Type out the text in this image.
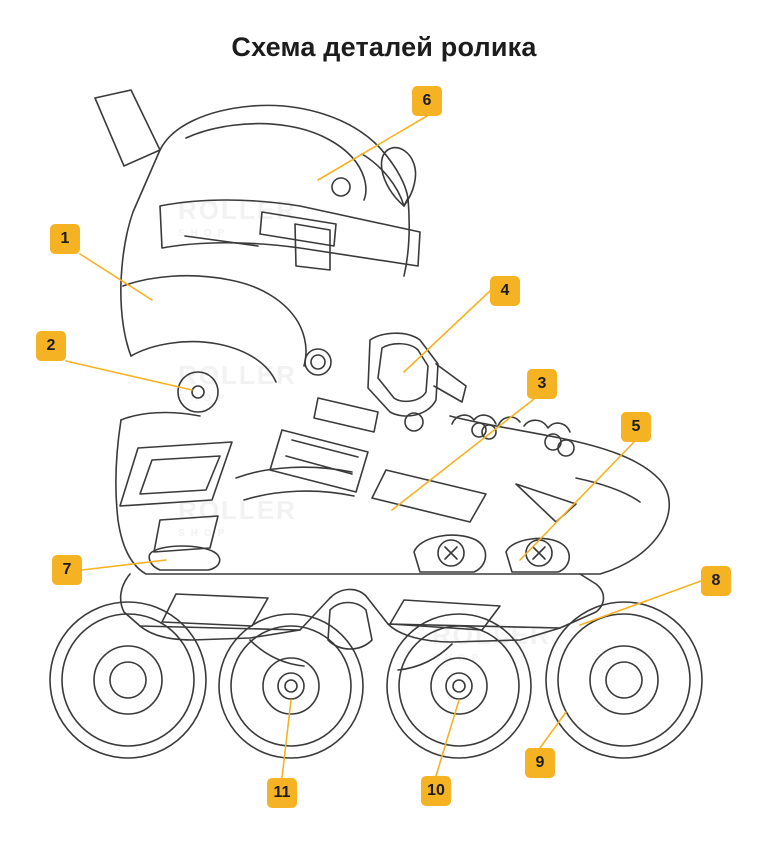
Схема деталей ролика
ROLLER
SHOP
ROLLER
SHOP
ROLLER
SHOP
ROLLER
SHOP
1
2
3
4
5
6
7
8
9
10
11
